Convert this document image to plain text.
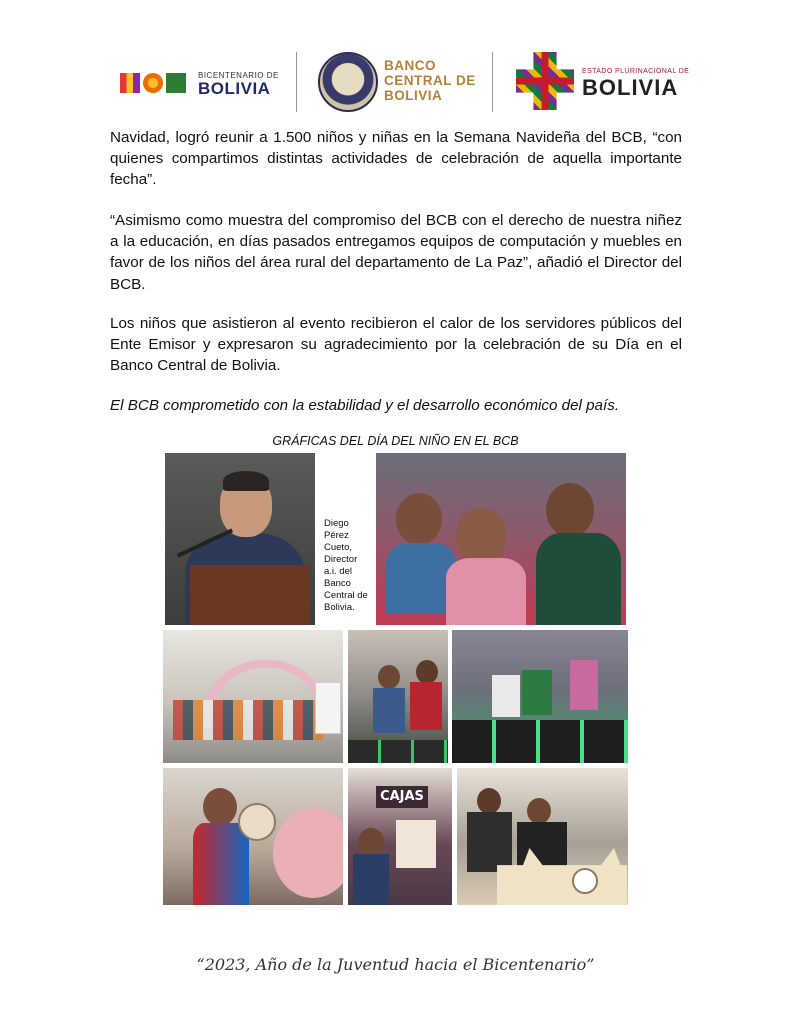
BICENTENARIO DE
BOLIVIA
BANCO
CENTRAL DE
BOLIVIA
ESTADO PLURINACIONAL DE
BOLIVIA

Navidad, logró reunir a 1.500 niños y niñas en la Semana Navideña del BCB, “con quienes compartimos distintas actividades de celebración de aquella importante fecha”.

“Asimismo como muestra del compromiso del BCB con el derecho de nuestra niñez a la educación, en días pasados entregamos equipos de computación y muebles en favor de los niños del área rural del departamento de La Paz”, añadió el Director del BCB.

Los niños que asistieron al evento recibieron el calor de los servidores públicos del Ente Emisor y expresaron su agradecimiento por la celebración de su Día en el Banco Central de Bolivia.

El BCB comprometido con la estabilidad y el desarrollo económico del país.

GRÁFICAS DEL DÍA DEL NIÑO EN EL BCB
Diego Pérez Cueto, Director a.i. del Banco Central de Bolivia.
CAJAS
“2023, Año de la Juventud hacia el Bicentenario”
